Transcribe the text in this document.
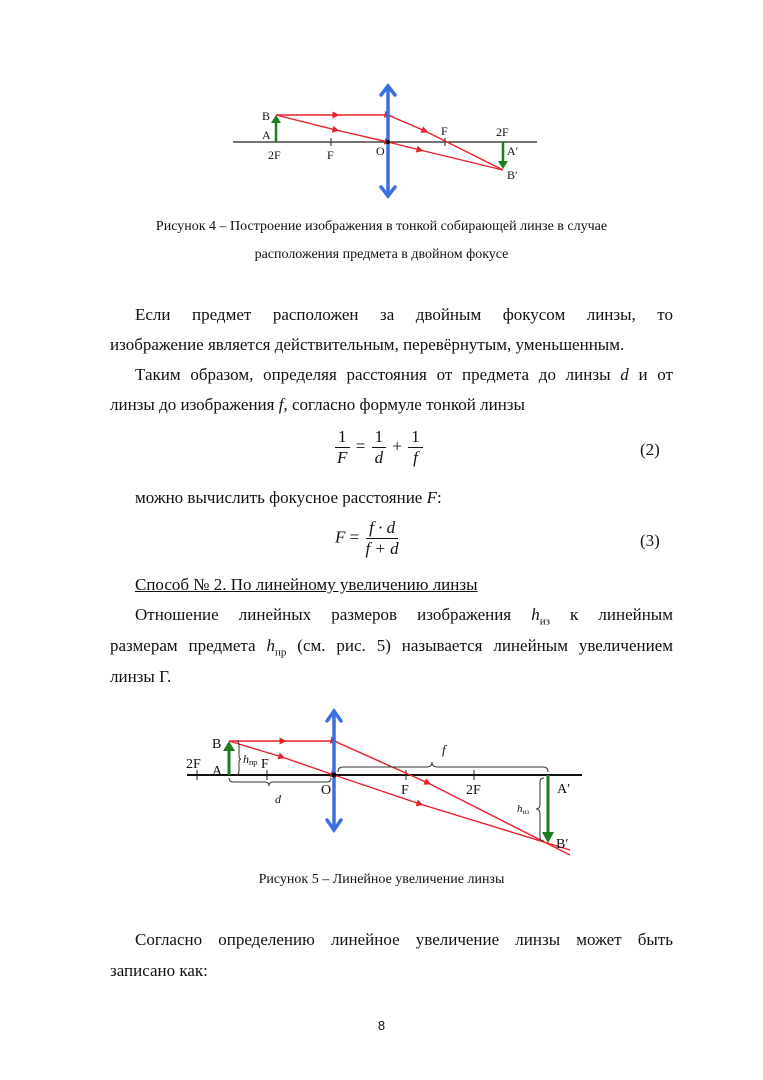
B
A
2F	F	O
F	2F
A′
B′
Рисунок 4 – Построение изображения в тонкой собирающей линзе в случае
расположения предмета в двойном фокусе
Если предмет расположен за двойным фокусом линзы, то
изображение является действительным, перевёрнутым, уменьшенным.
Таким образом, определяя расстояния от предмета до линзы d и от
линзы до изображения f, согласно формуле тонкой линзы
$\frac{1}{F} = \frac{1}{d} + \frac{1}{f}$	(2)
можно вычислить фокусное расстояние F:
$F = \frac{f \cdot d}{f + d}$	(3)
Способ № 2. По линейному увеличению линзы
Отношение линейных размеров изображения $h_{из}$ к линейным
размерам предмета $h_{пр}$ (см. рис. 5) называется линейным увеличением
линзы Г.
B
A
2F	F
hпр
d
O	F	2F
f
A′
B′
hиз
Рисунок 5 – Линейное увеличение линзы
Согласно определению линейное увеличение линзы может быть
записано как:
8
